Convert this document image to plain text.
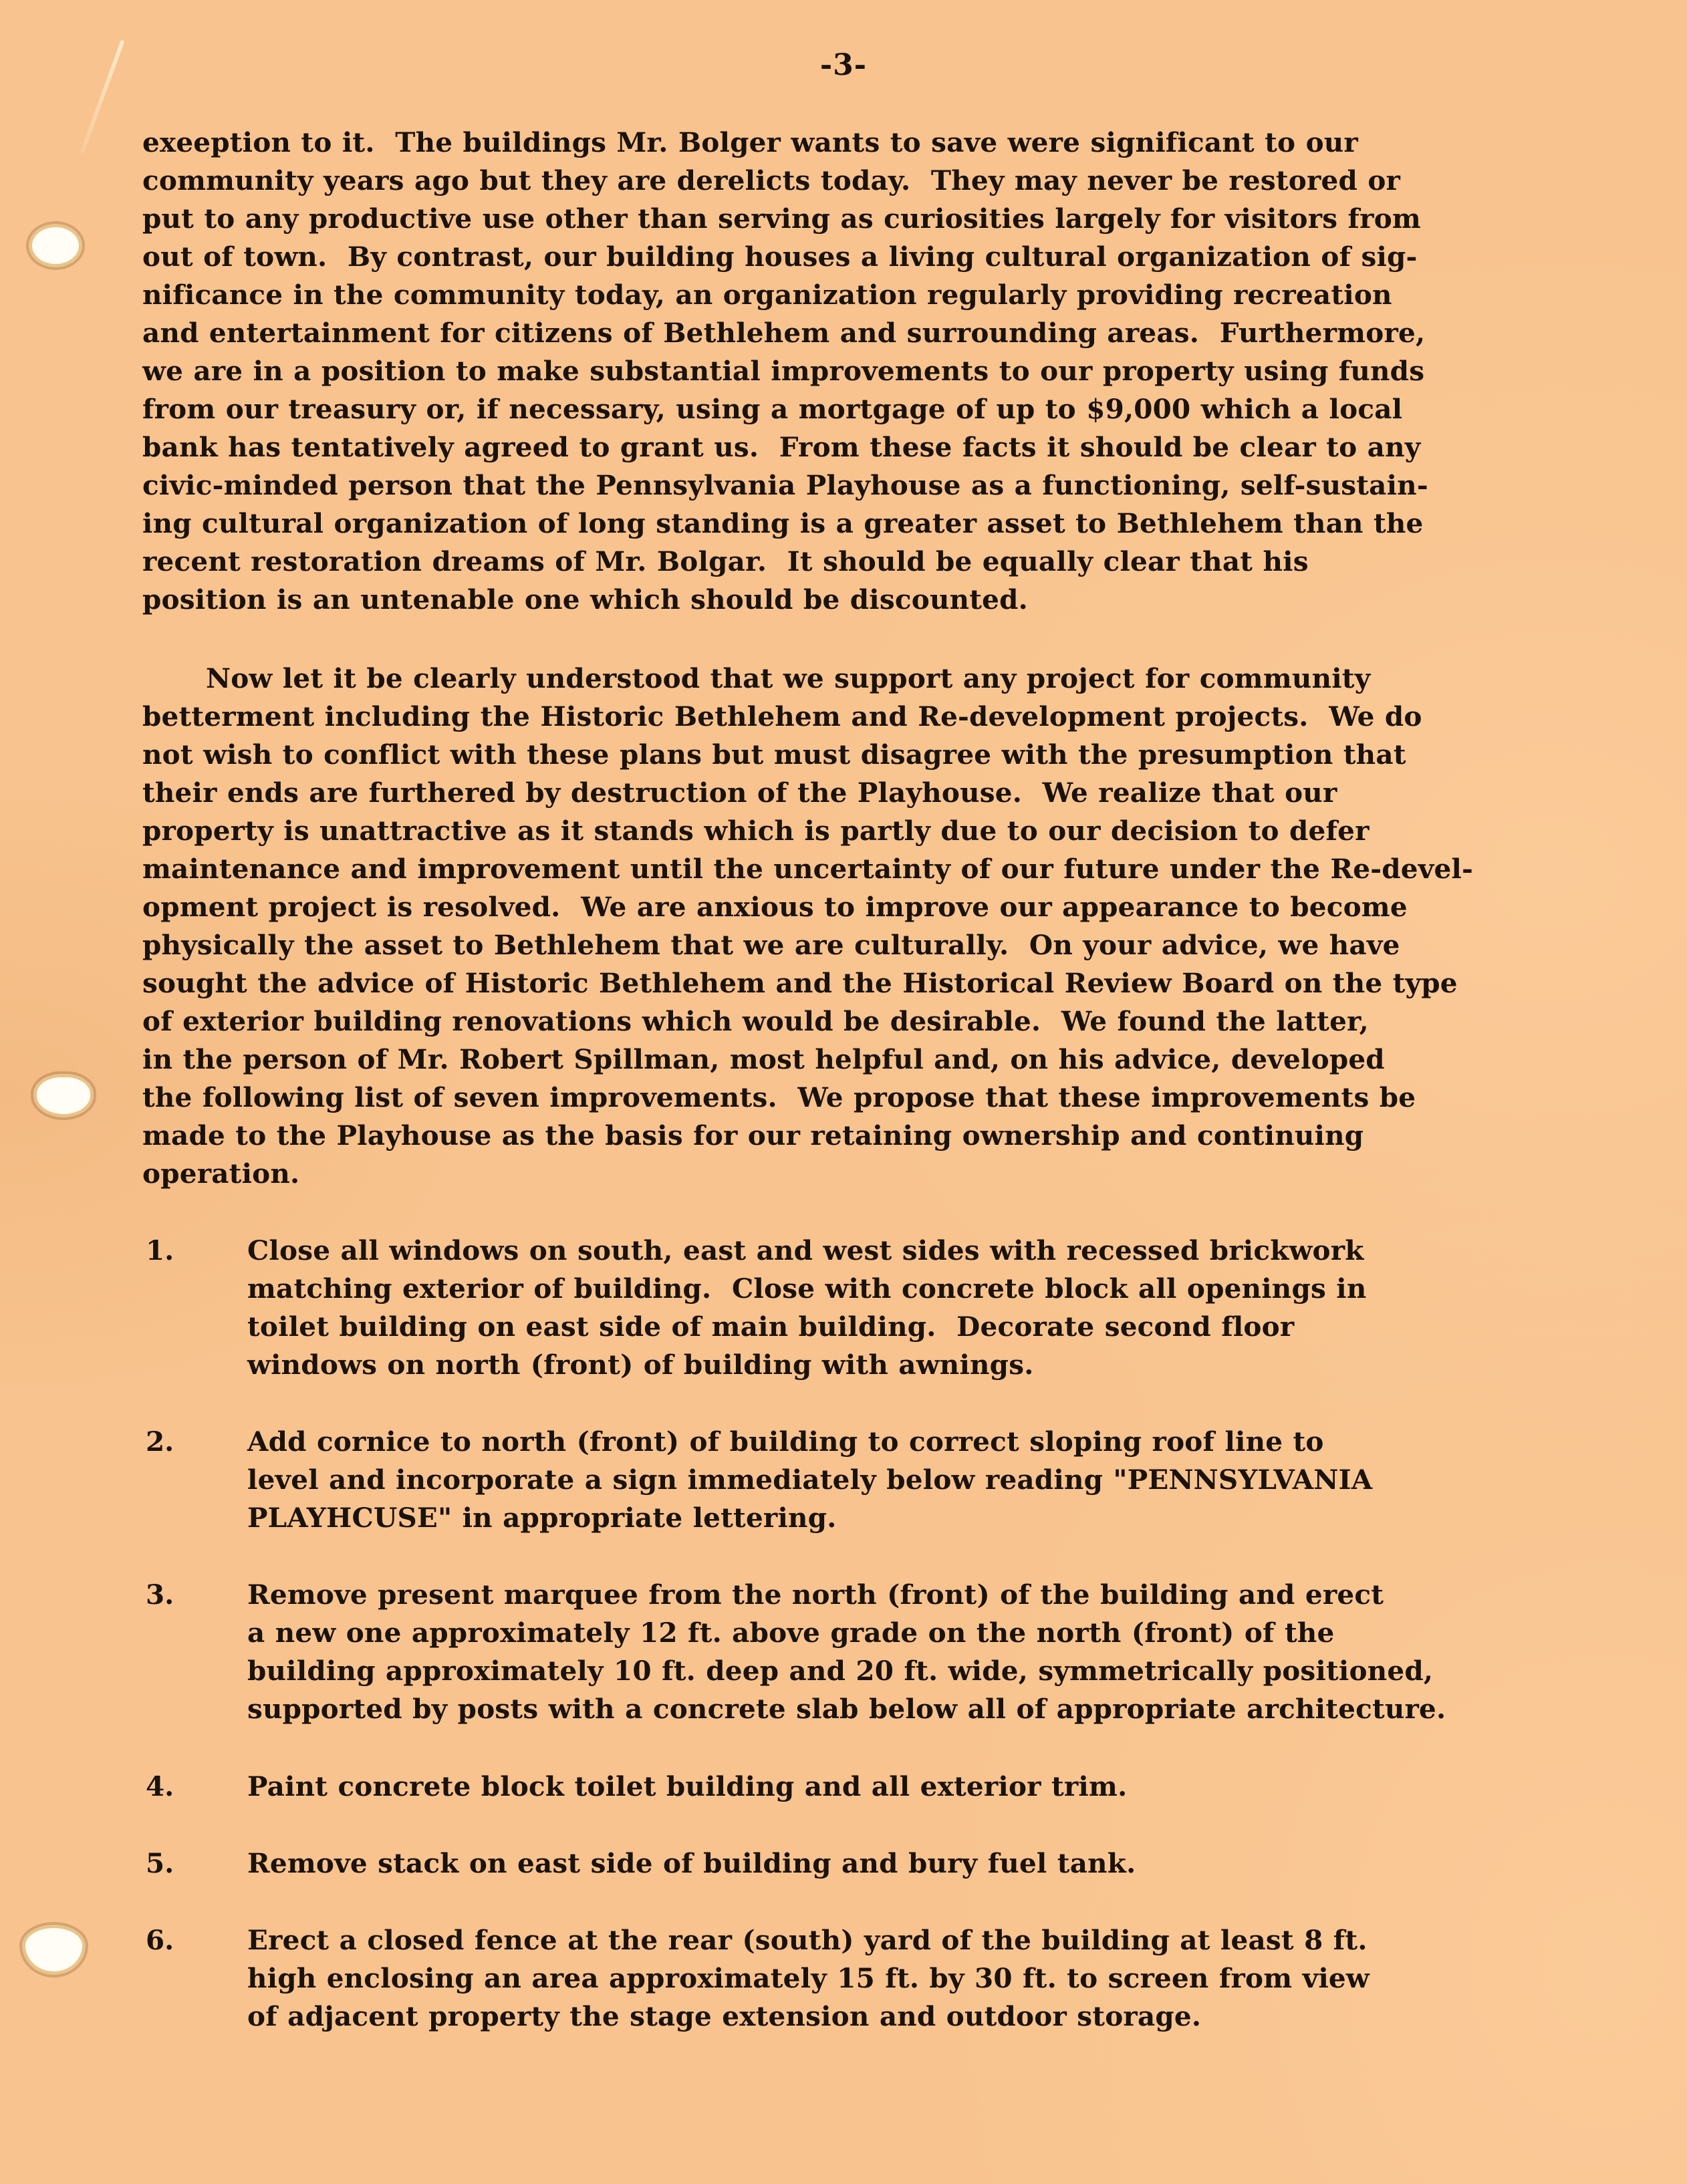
-3-
exeeption to it.  The buildings Mr. Bolger wants to save were significant to our
community years ago but they are derelicts today.  They may never be restored or
put to any productive use other than serving as curiosities largely for visitors from
out of town.  By contrast, our building houses a living cultural organization of sig-
nificance in the community today, an organization regularly providing recreation
and entertainment for citizens of Bethlehem and surrounding areas.  Furthermore,
we are in a position to make substantial improvements to our property using funds
from our treasury or, if necessary, using a mortgage of up to $9,000 which a local
bank has tentatively agreed to grant us.  From these facts it should be clear to any
civic-minded person that the Pennsylvania Playhouse as a functioning, self-sustain-
ing cultural organization of long standing is a greater asset to Bethlehem than the
recent restoration dreams of Mr. Bolgar.  It should be equally clear that his
position is an untenable one which should be discounted.
Now let it be clearly understood that we support any project for community
betterment including the Historic Bethlehem and Re-development projects.  We do
not wish to conflict with these plans but must disagree with the presumption that
their ends are furthered by destruction of the Playhouse.  We realize that our
property is unattractive as it stands which is partly due to our decision to defer
maintenance and improvement until the uncertainty of our future under the Re-devel-
opment project is resolved.  We are anxious to improve our appearance to become
physically the asset to Bethlehem that we are culturally.  On your advice, we have
sought the advice of Historic Bethlehem and the Historical Review Board on the type
of exterior building renovations which would be desirable.  We found the latter,
in the person of Mr. Robert Spillman, most helpful and, on his advice, developed
the following list of seven improvements.  We propose that these improvements be
made to the Playhouse as the basis for our retaining ownership and continuing
operation.
1.	Close all windows on south, east and west sides with recessed brickwork
matching exterior of building.  Close with concrete block all openings in
toilet building on east side of main building.  Decorate second floor
windows on north (front) of building with awnings.
2.	Add cornice to north (front) of building to correct sloping roof line to
level and incorporate a sign immediately below reading "PENNSYLVANIA
PLAYHCUSE" in appropriate lettering.
3.	Remove present marquee from the north (front) of the building and erect
a new one approximately 12 ft. above grade on the north (front) of the
building approximately 10 ft. deep and 20 ft. wide, symmetrically positioned,
supported by posts with a concrete slab below all of appropriate architecture.
4.	Paint concrete block toilet building and all exterior trim.
5.	Remove stack on east side of building and bury fuel tank.
6.	Erect a closed fence at the rear (south) yard of the building at least 8 ft.
high enclosing an area approximately 15 ft. by 30 ft. to screen from view
of adjacent property the stage extension and outdoor storage.
